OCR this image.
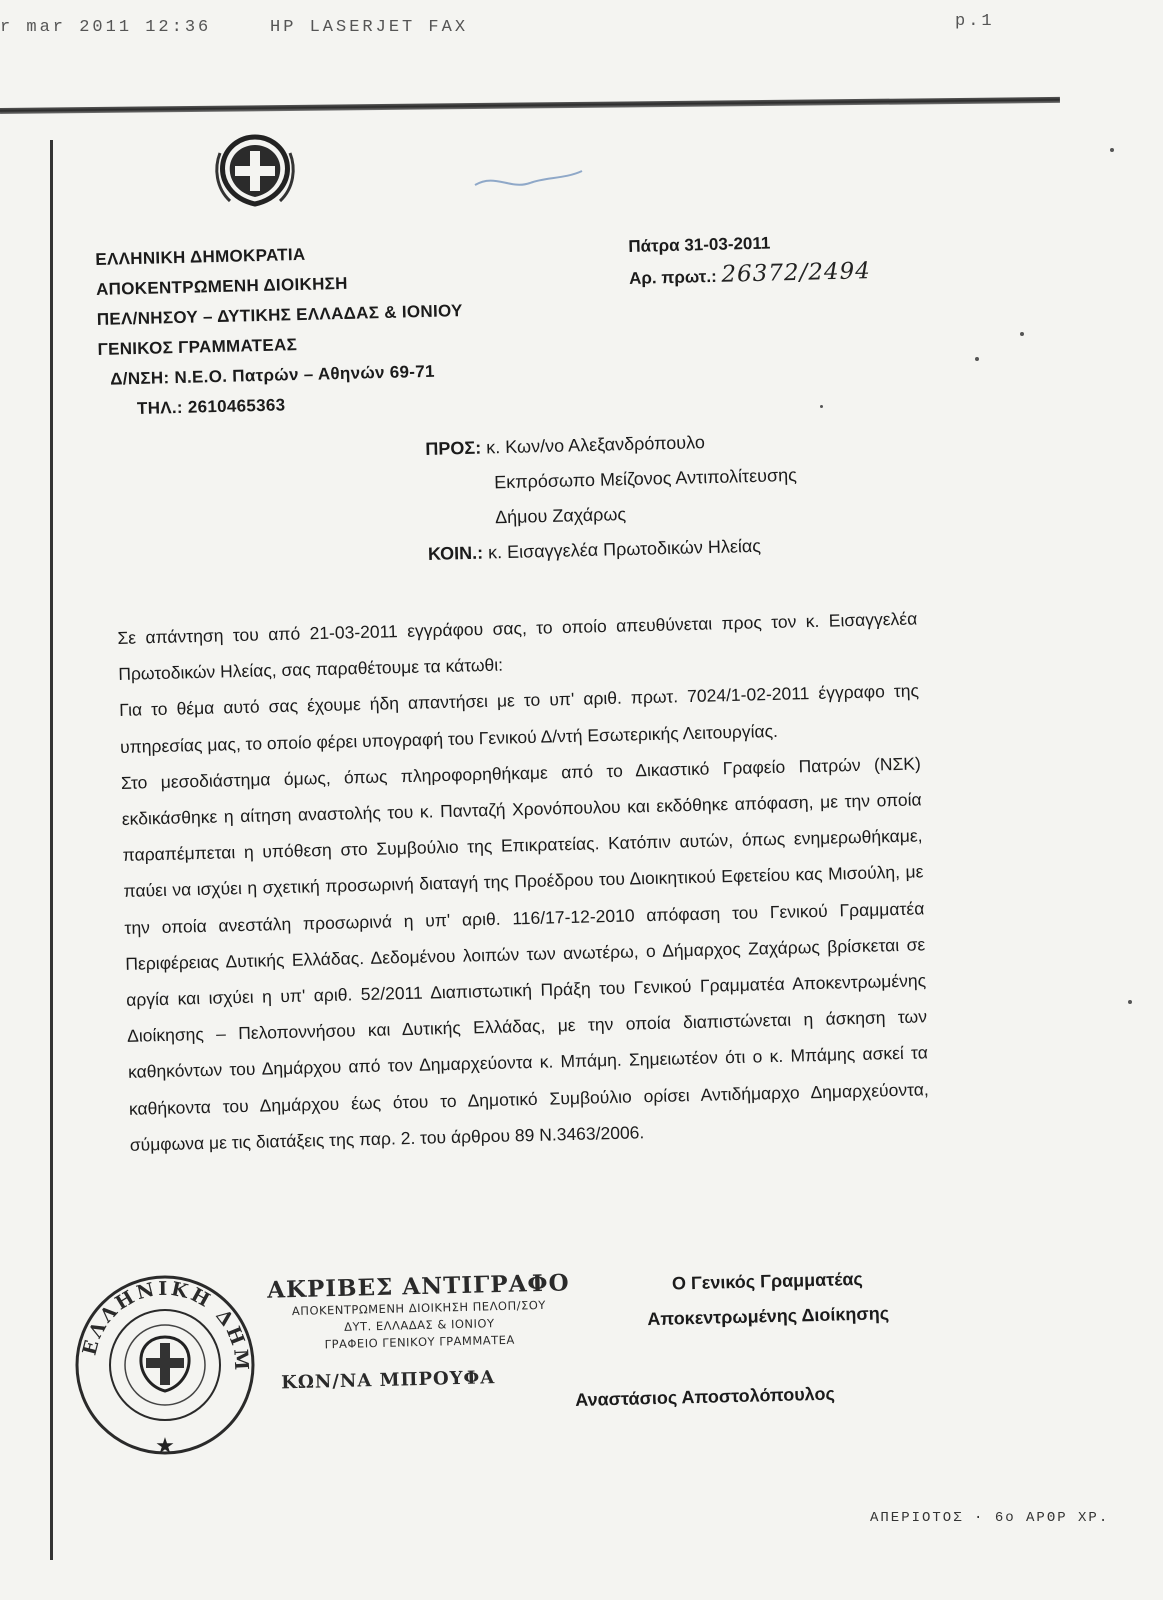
r mar 2011 12:36	HP LASERJET FAX	p.1
ΕΛΛΗΝΙΚΗ ΔΗΜΟΚΡΑΤΙΑ
ΑΠΟΚΕΝΤΡΩΜΕΝΗ ΔΙΟΙΚΗΣΗ
ΠΕΛ/ΝΗΣΟΥ – ΔΥΤΙΚΗΣ ΕΛΛΑΔΑΣ & ΙΟΝΙΟΥ
ΓΕΝΙΚΟΣ ΓΡΑΜΜΑΤΕΑΣ
Δ/ΝΣΗ: Ν.Ε.Ο. Πατρών – Αθηνών 69-71
ΤΗΛ.: 2610465363
Πάτρα 31-03-2011
Αρ. πρωτ.: 26372/2494
ΠΡΟΣ: κ. Κων/νο Αλεξανδρόπουλο
Εκπρόσωπο Μείζονος Αντιπολίτευσης
Δήμου Ζαχάρως
ΚΟΙΝ.: κ. Εισαγγελέα Πρωτοδικών Ηλείας

Σε απάντηση του από 21-03-2011 εγγράφου σας, το οποίο απευθύνεται προς τον κ. Εισαγγελέα Πρωτοδικών Ηλείας, σας παραθέτουμε τα κάτωθι:

Για το θέμα αυτό σας έχουμε ήδη απαντήσει με το υπ' αριθ. πρωτ. 7024/1-02-2011 έγγραφο της υπηρεσίας μας, το οποίο φέρει υπογραφή του Γενικού Δ/ντή Εσωτερικής Λειτουργίας.

Στο μεσοδιάστημα όμως, όπως πληροφορηθήκαμε από το Δικαστικό Γραφείο Πατρών (ΝΣΚ) εκδικάσθηκε η αίτηση αναστολής του κ. Πανταζή Χρονόπουλου και εκδόθηκε απόφαση, με την οποία παραπέμπεται η υπόθεση στο Συμβούλιο της Επικρατείας. Κατόπιν αυτών, όπως ενημερωθήκαμε, παύει να ισχύει η σχετική προσωρινή διαταγή της Προέδρου του Διοικητικού Εφετείου κας Μισούλη, με την οποία ανεστάλη προσωρινά η υπ' αριθ. 116/17-12-2010 απόφαση του Γενικού Γραμματέα Περιφέρειας Δυτικής Ελλάδας. Δεδομένου λοιπών των ανωτέρω, ο Δήμαρχος Ζαχάρως βρίσκεται σε αργία και ισχύει η υπ' αριθ. 52/2011 Διαπιστωτική Πράξη του Γενικού Γραμματέα Αποκεντρωμένης Διοίκησης – Πελοποννήσου και Δυτικής Ελλάδας, με την οποία διαπιστώνεται η άσκηση των καθηκόντων του Δημάρχου από τον Δημαρχεύοντα κ. Μπάμη. Σημειωτέον ότι ο κ. Μπάμης ασκεί τα καθήκοντα του Δημάρχου έως ότου το Δημοτικό Συμβούλιο ορίσει Αντιδήμαρχο Δημαρχεύοντα, σύμφωνα με τις διατάξεις της παρ. 2. του άρθρου 89 Ν.3463/2006.

Ο Γενικός Γραμματέας
Αποκεντρωμένης Διοίκησης
Αναστάσιος Αποστολόπουλος
ΕΛΛΗΝΙΚΗ ΔΗΜ
★
ΑΚΡΙΒΕΣ ΑΝΤΙΓΡΑΦΟ
ΑΠΟΚΕΝΤΡΩΜΕΝΗ ΔΙΟΙΚΗΣΗ ΠΕΛΟΠ/ΣΟΥ
ΔΥΤ. ΕΛΛΑΔΑΣ & ΙΟΝΙΟΥ
ΓΡΑΦΕΙΟ ΓΕΝΙΚΟΥ ΓΡΑΜΜΑΤΕΑ
ΚΩΝ/ΝΑ ΜΠΡΟΥΦΑ
ΑΠΕΡΙΟΤΟΣ · 6ο ΑΡΘΡ ΧΡ.
